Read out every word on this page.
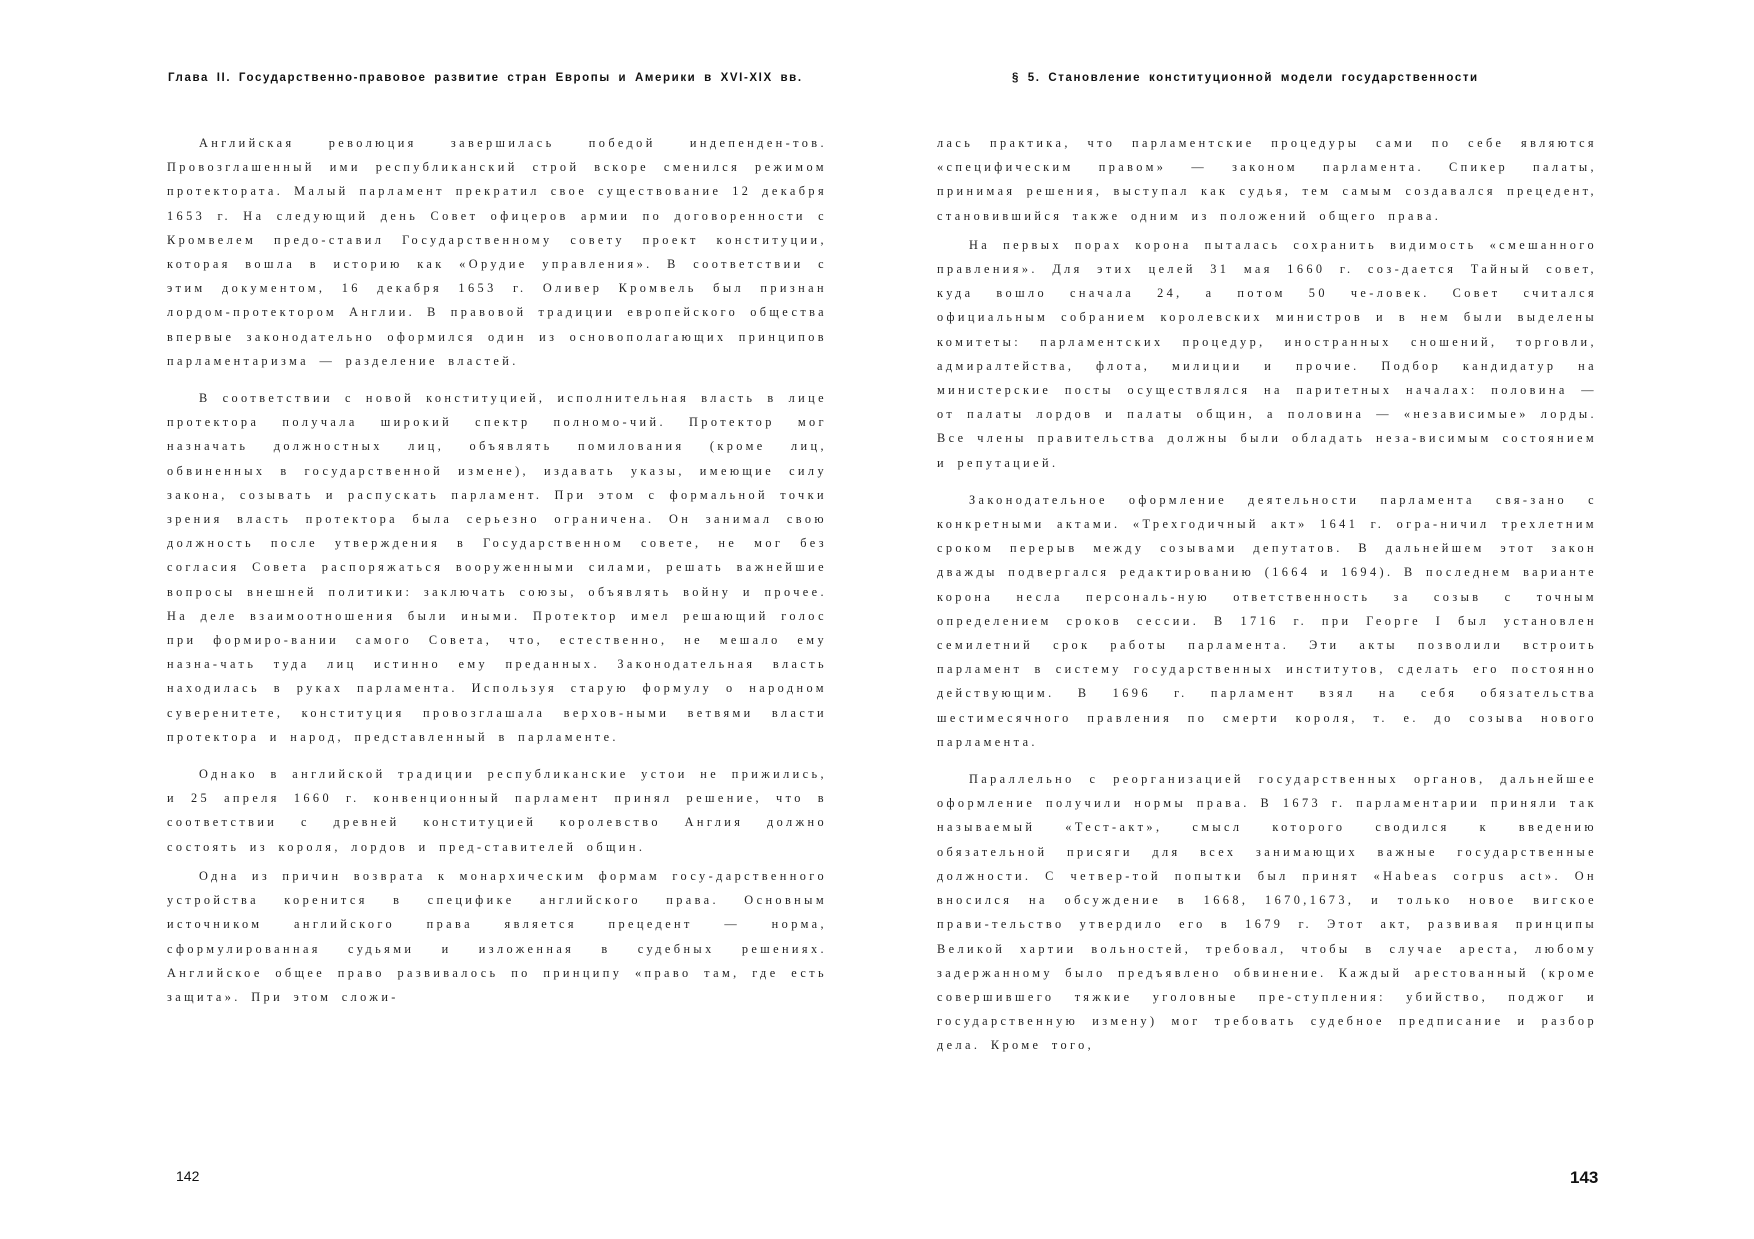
Глава II. Государственно-правовое развитие стран Европы и Америки в XVI-XIX вв.

Английская революция завершилась победой индепенден-тов. Провозглашенный ими республиканский строй вскоре сменился режимом протектората. Малый парламент прекратил свое существование 12 декабря 1653 г. На следующий день Совет офицеров армии по договоренности с Кромвелем предо-ставил Государственному совету проект конституции, которая вошла в историю как «Орудие управления». В соответствии с этим документом, 16 декабря 1653 г. Оливер Кромвель был признан лордом-протектором Англии. В правовой традиции европейского общества впервые законодательно оформился один из основополагающих принципов парламентаризма — разделение властей.

В соответствии с новой конституцией, исполнительная власть в лице протектора получала широкий спектр полномо-чий. Протектор мог назначать должностных лиц, объявлять помилования (кроме лиц, обвиненных в государственной измене), издавать указы, имеющие силу закона, созывать и распускать парламент. При этом с формальной точки зрения власть протектора была серьезно ограничена. Он занимал свою должность после утверждения в Государственном совете, не мог без согласия Совета распоряжаться вооруженными силами, решать важнейшие вопросы внешней политики: заключать союзы, объявлять войну и прочее. На деле взаимоотношения были иными. Протектор имел решающий голос при формиро-вании самого Совета, что, естественно, не мешало ему назна-чать туда лиц истинно ему преданных. Законодательная власть находилась в руках парламента. Используя старую формулу о народном суверенитете, конституция провозглашала верхов-ными ветвями власти протектора и народ, представленный в парламенте.

Однако в английской традиции республиканские устои не прижились, и 25 апреля 1660 г. конвенционный парламент принял решение, что в соответствии с древней конституцией королевство Англия должно состоять из короля, лордов и пред-ставителей общин.

Одна из причин возврата к монархическим формам госу-дарственного устройства коренится в специфике английского права. Основным источником английского права является прецедент — норма, сформулированная судьями и изложенная в судебных решениях. Английское общее право развивалось по принципу «право там, где есть защита». При этом сложи-

142
§ 5. Становление конституционной модели государственности

лась практика, что парламентские процедуры сами по себе являются «специфическим правом» — законом парламента. Спикер палаты, принимая решения, выступал как судья, тем самым создавался прецедент, становившийся также одним из положений общего права.

На первых порах корона пыталась сохранить видимость «смешанного правления». Для этих целей 31 мая 1660 г. соз-дается Тайный совет, куда вошло сначала 24, а потом 50 че-ловек. Совет считался официальным собранием королевских министров и в нем были выделены комитеты: парламентских процедур, иностранных сношений, торговли, адмиралтейства, флота, милиции и прочие. Подбор кандидатур на министерские посты осуществлялся на паритетных началах: половина — от палаты лордов и палаты общин, а половина — «независимые» лорды. Все члены правительства должны были обладать неза-висимым состоянием и репутацией.

Законодательное оформление деятельности парламента свя-зано с конкретными актами. «Трехгодичный акт» 1641 г. огра-ничил трехлетним сроком перерыв между созывами депутатов. В дальнейшем этот закон дважды подвергался редактированию (1664 и 1694). В последнем варианте корона несла персональ-ную ответственность за созыв с точным определением сроков сессии. В 1716 г. при Георге I был установлен семилетний срок работы парламента. Эти акты позволили встроить парламент в систему государственных институтов, сделать его постоянно действующим. В 1696 г. парламент взял на себя обязательства шестимесячного правления по смерти короля, т. е. до созыва нового парламента.

Параллельно с реорганизацией государственных органов, дальнейшее оформление получили нормы права. В 1673 г. парламентарии приняли так называемый «Тест-акт», смысл которого сводился к введению обязательной присяги для всех занимающих важные государственные должности. С четвер-той попытки был принят «Habeas corpus act». Он вносился на обсуждение в 1668, 1670,1673, и только новое вигское прави-тельство утвердило его в 1679 г. Этот акт, развивая принципы Великой хартии вольностей, требовал, чтобы в случае ареста, любому задержанному было предъявлено обвинение. Каждый арестованный (кроме совершившего тяжкие уголовные пре-ступления: убийство, поджог и государственную измену) мог требовать судебное предписание и разбор дела. Кроме того,

143
